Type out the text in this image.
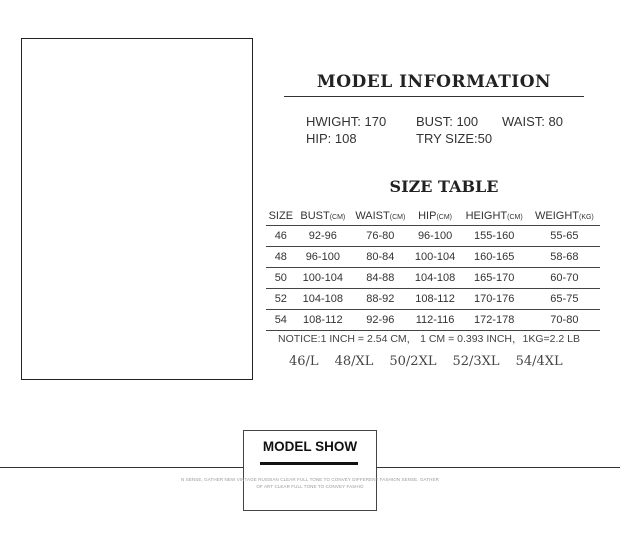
MODEL INFORMATION
HWIGHT: 170	BUST: 100	WAIST: 80
HIP: 108	TRY SIZE:50
SIZE TABLE
SIZE	BUST(CM)	WAIST(CM)	HIP(CM)	HEIGHT(CM)	WEIGHT(KG)
46	92-96	76-80	96-100	155-160	55-65
48	96-100	80-84	100-104	160-165	58-68
50	100-104	84-88	104-108	165-170	60-70
52	104-108	88-92	108-112	170-176	65-75
54	108-112	92-96	112-116	172-178	70-80
NOTICE:1 INCH = 2.54 CM， 1 CM = 0.393 INCH，1KG=2.2 LB
46/L 48/XL 50/2XL 52/3XL 54/4XL
MODEL SHOW
N SENSE, GATHER NEW VINTAGE RUSSIAN CLEAR FULL TONE TO CONVEY DIFFERENT FASHION SENSE, GATHER
OF ART CLEAR FULL TONE TO CONVEY FASHIO
